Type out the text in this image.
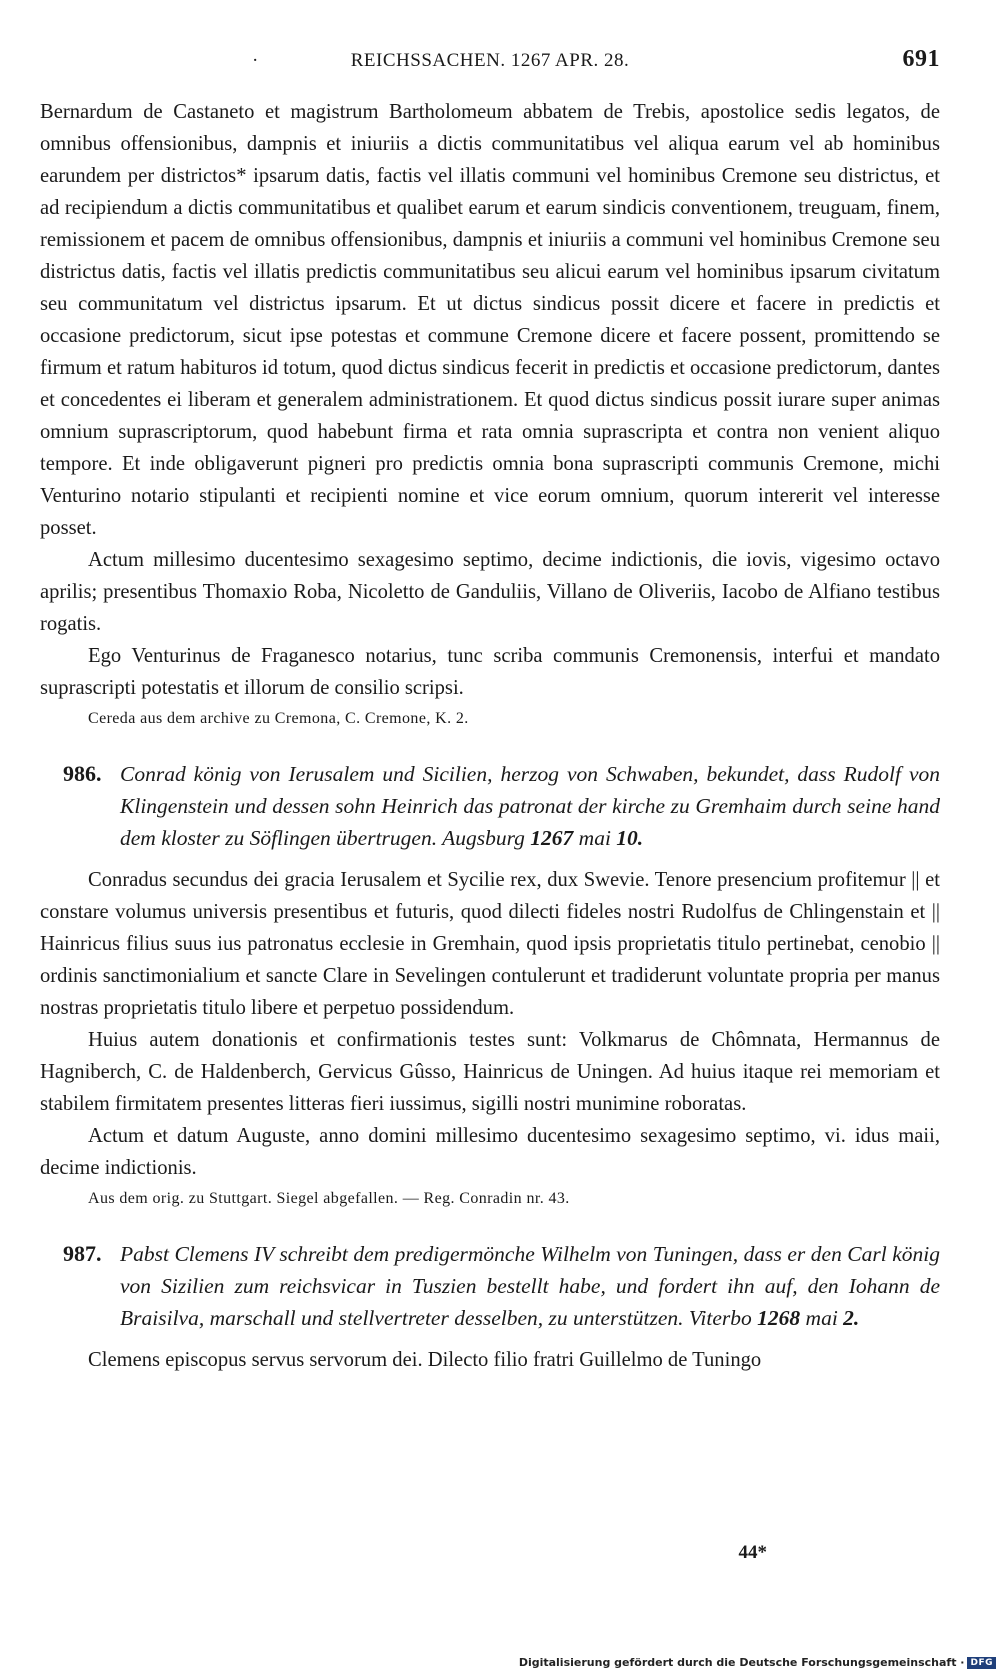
·	REICHSSACHEN. 1267 APR. 28.	691

Bernardum de Castaneto et magistrum Bartholomeum abbatem de Trebis, apostolice sedis legatos, de omnibus offensionibus, dampnis et iniuriis a dictis communitatibus vel aliqua earum vel ab hominibus earundem per districtos* ipsarum datis, factis vel illatis communi vel hominibus Cremone seu districtus, et ad recipiendum a dictis communitatibus et qualibet earum et earum sindicis conventionem, treuguam, finem, remissionem et pacem de omnibus offensionibus, dampnis et iniuriis a communi vel hominibus Cremone seu districtus datis, factis vel illatis predictis communitatibus seu alicui earum vel hominibus ipsarum civitatum seu communitatum vel districtus ipsarum. Et ut dictus sindicus possit dicere et facere in predictis et occasione predictorum, sicut ipse potestas et commune Cremone dicere et facere possent, promittendo se firmum et ratum habituros id totum, quod dictus sindicus fecerit in predictis et occasione predictorum, dantes et concedentes ei liberam et generalem administrationem. Et quod dictus sindicus possit iurare super animas omnium suprascriptorum, quod habebunt firma et rata omnia suprascripta et contra non venient aliquo tempore. Et inde obligaverunt pigneri pro predictis omnia bona suprascripti communis Cremone, michi Venturino notario stipulanti et recipienti nomine et vice eorum omnium, quorum intererit vel interesse posset.

Actum millesimo ducentesimo sexagesimo septimo, decime indictionis, die iovis, vigesimo octavo aprilis; presentibus Thomaxio Roba, Nicoletto de Ganduliis, Villano de Oliveriis, Iacobo de Alfiano testibus rogatis.

Ego Venturinus de Fraganesco notarius, tunc scriba communis Cremonensis, interfui et mandato suprascripti potestatis et illorum de consilio scripsi.

Cereda aus dem archive zu Cremona, C. Cremone, K. 2.
986. Conrad könig von Ierusalem und Sicilien, herzog von Schwaben, bekundet, dass Rudolf von Klingenstein und dessen sohn Heinrich das patronat der kirche zu Gremhaim durch seine hand dem kloster zu Söflingen übertrugen. Augsburg 1267 mai 10.

Conradus secundus dei gracia Ierusalem et Sycilie rex, dux Swevie. Tenore presencium profitemur || et constare volumus universis presentibus et futuris, quod dilecti fideles nostri Rudolfus de Chlingenstain et || Hainricus filius suus ius patronatus ecclesie in Gremhain, quod ipsis proprietatis titulo pertinebat, cenobio || ordinis sanctimonialium et sancte Clare in Sevelingen contulerunt et tradiderunt voluntate propria per manus nostras proprietatis titulo libere et perpetuo possidendum.

Huius autem donationis et confirmationis testes sunt: Volkmarus de Chômnata, Hermannus de Hagniberch, C. de Haldenberch, Gervicus Gûsso, Hainricus de Uningen. Ad huius itaque rei memoriam et stabilem firmitatem presentes litteras fieri iussimus, sigilli nostri munimine roboratas.

Actum et datum Auguste, anno domini millesimo ducentesimo sexagesimo septimo, vi. idus maii, decime indictionis.

Aus dem orig. zu Stuttgart. Siegel abgefallen. — Reg. Conradin nr. 43.
987. Pabst Clemens IV schreibt dem predigermönche Wilhelm von Tuningen, dass er den Carl könig von Sizilien zum reichsvicar in Tuszien bestellt habe, und fordert ihn auf, den Iohann de Braisilva, marschall und stellvertreter desselben, zu unterstützen. Viterbo 1268 mai 2.

Clemens episcopus servus servorum dei. Dilecto filio fratri Guillelmo de Tuningo

44*
Digitalisierung gefördert durch die Deutsche Forschungsgemeinschaft · DFG
